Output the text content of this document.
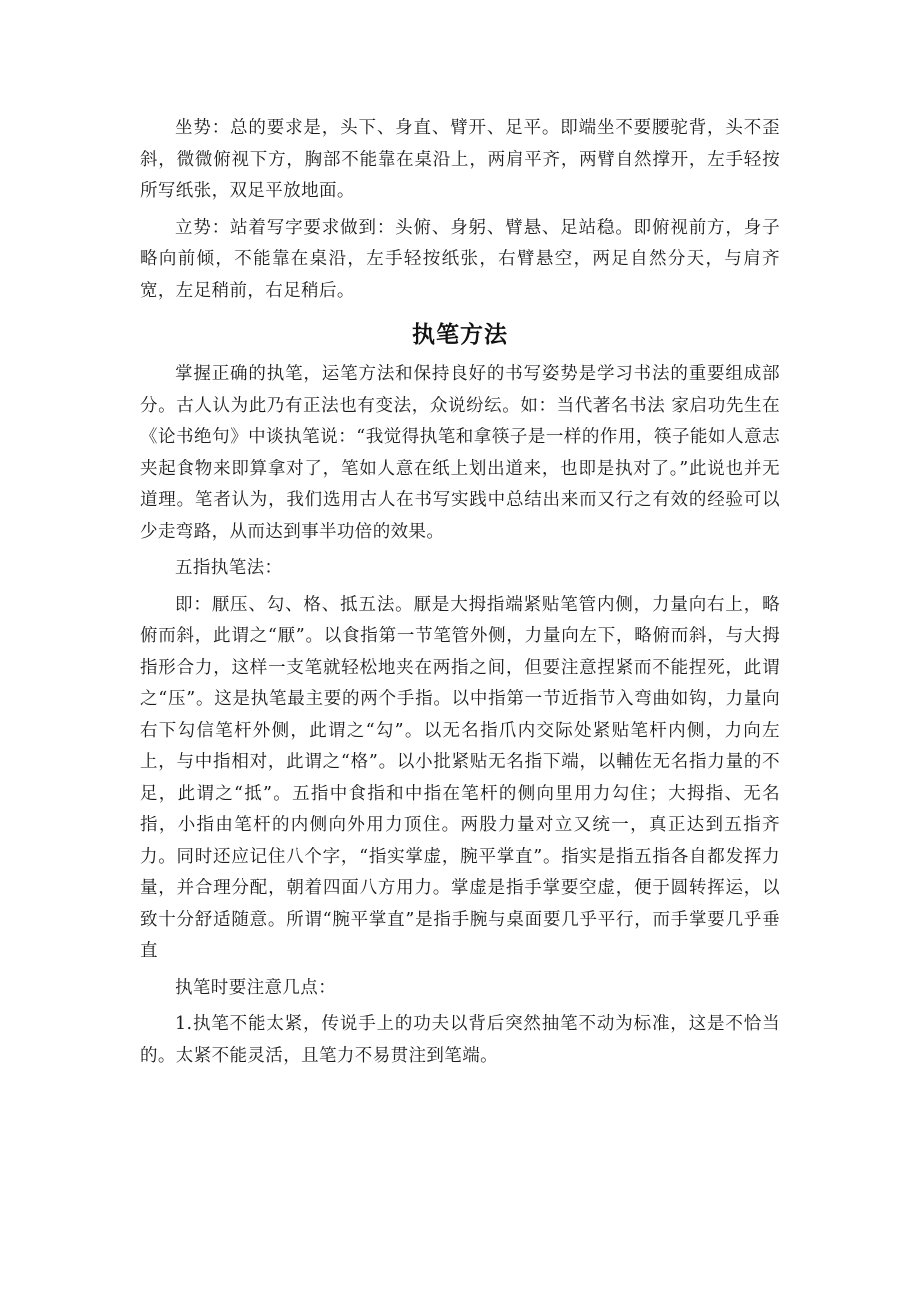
坐势：总的要求是，头下、身直、臂开、足平。即端坐不要腰驼背，头不歪斜，微微俯视下方，胸部不能靠在桌沿上，两肩平齐，两臂自然撑开，左手轻按所写纸张，双足平放地面。

立势：站着写字要求做到：头俯、身躬、臂悬、足站稳。即俯视前方，身子略向前倾，不能靠在桌沿，左手轻按纸张，右臂悬空，两足自然分天，与肩齐宽，左足稍前，右足稍后。

执笔方法

掌握正确的执笔，运笔方法和保持良好的书写姿势是学习书法的重要组成部分。古人认为此乃有正法也有变法，众说纷纭。如：当代著名书法 家启功先生在《论书绝句》中谈执笔说：“我觉得执笔和拿筷子是一样的作用，筷子能如人意志夹起食物来即算拿对了，笔如人意在纸上划出道来，也即是执对了。”此说也并无道理。笔者认为，我们选用古人在书写实践中总结出来而又行之有效的经验可以少走弯路，从而达到事半功倍的效果。

五指执笔法：

即：厭压、勾、格、抵五法。厭是大拇指端紧贴笔管内侧，力量向右上，略俯而斜，此谓之“厭”。以食指第一节笔管外侧，力量向左下，略俯而斜，与大拇指形合力，这样一支笔就轻松地夹在两指之间，但要注意捏紧而不能捏死，此谓之“压”。这是执笔最主要的两个手指。以中指第一节近指节入弯曲如钩，力量向右下勾信笔杆外侧，此谓之“勾”。以无名指爪内交际处紧贴笔杆内侧，力向左上，与中指相对，此谓之“格”。以小批紧贴无名指下端，以輔佐无名指力量的不足，此谓之“抵”。五指中食指和中指在笔杆的侧向里用力勾住；大拇指、无名指，小指由笔杆的内侧向外用力顶住。两股力量对立又统一，真正达到五指齐力。同时还应记住八个字，“指实掌虚，腕平掌直”。指实是指五指各自都发挥力量，并合理分配，朝着四面八方用力。掌虚是指手掌要空虚，便于圆转挥运，以致十分舒适随意。所谓“腕平掌直”是指手腕与桌面要几乎平行，而手掌要几乎垂直

执笔时要注意几点：

1.执笔不能太紧，传说手上的功夫以背后突然抽笔不动为标准，这是不恰当的。太紧不能灵活，且笔力不易贯注到笔端。
